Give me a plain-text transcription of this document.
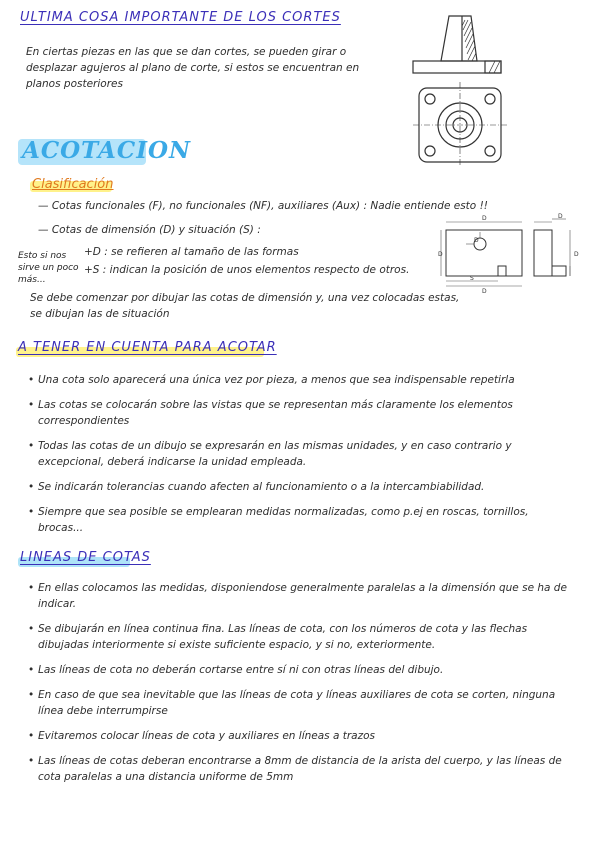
ULTIMA COSA IMPORTANTE DE LOS CORTES
En ciertas piezas en las que se dan cortes, se pueden girar o desplazar agujeros al plano de corte, si estos se encuentran en planos posteriores
ACOTACION
Clasificación
— Cotas funcionales (F), no funcionales (NF), auxiliares (Aux) : Nadie entiende esto !!
— Cotas de dimensión (D) y situación (S) :
Esto si nos sirve un poco más...
+D : se refieren al tamaño de las formas
+S : indican la posición de unos elementos respecto de otros.
Se debe comenzar por dibujar las cotas de dimensión y, una vez colocadas estas, se dibujan las de situación
D
D
D
S
D
D
D
A TENER EN CUENTA PARA ACOTAR
• Una cota solo aparecerá una única vez por pieza, a menos que sea indispensable repetirla
• Las cotas se colocarán sobre las vistas que se representan más claramente los elementos correspondientes
• Todas las cotas de un dibujo se expresarán en las mismas unidades, y en caso contrario y excepcional, deberá indicarse la unidad empleada.
• Se indicarán tolerancias cuando afecten al funcionamiento o a la intercambiabilidad.
• Siempre que sea posible se emplearan medidas normalizadas, como p.ej en roscas, tornillos, brocas...
LINEAS DE COTAS
• En ellas colocamos las medidas, disponiendose generalmente paralelas a la dimensión que se ha de indicar.
• Se dibujarán en línea continua fina. Las líneas de cota, con los números de cota y las flechas dibujadas interiormente si existe suficiente espacio, y si no, exteriormente.
• Las líneas de cota no deberán cortarse entre sí ni con otras líneas del dibujo.
• En caso de que sea inevitable que las líneas de cota y líneas auxiliares de cota se corten, ninguna línea debe interrumpirse
• Evitaremos colocar líneas de cota y auxiliares en líneas a trazos
• Las líneas de cotas deberan encontrarse a 8mm de distancia de la arista del cuerpo, y las líneas de cota paralelas a una distancia uniforme de 5mm
